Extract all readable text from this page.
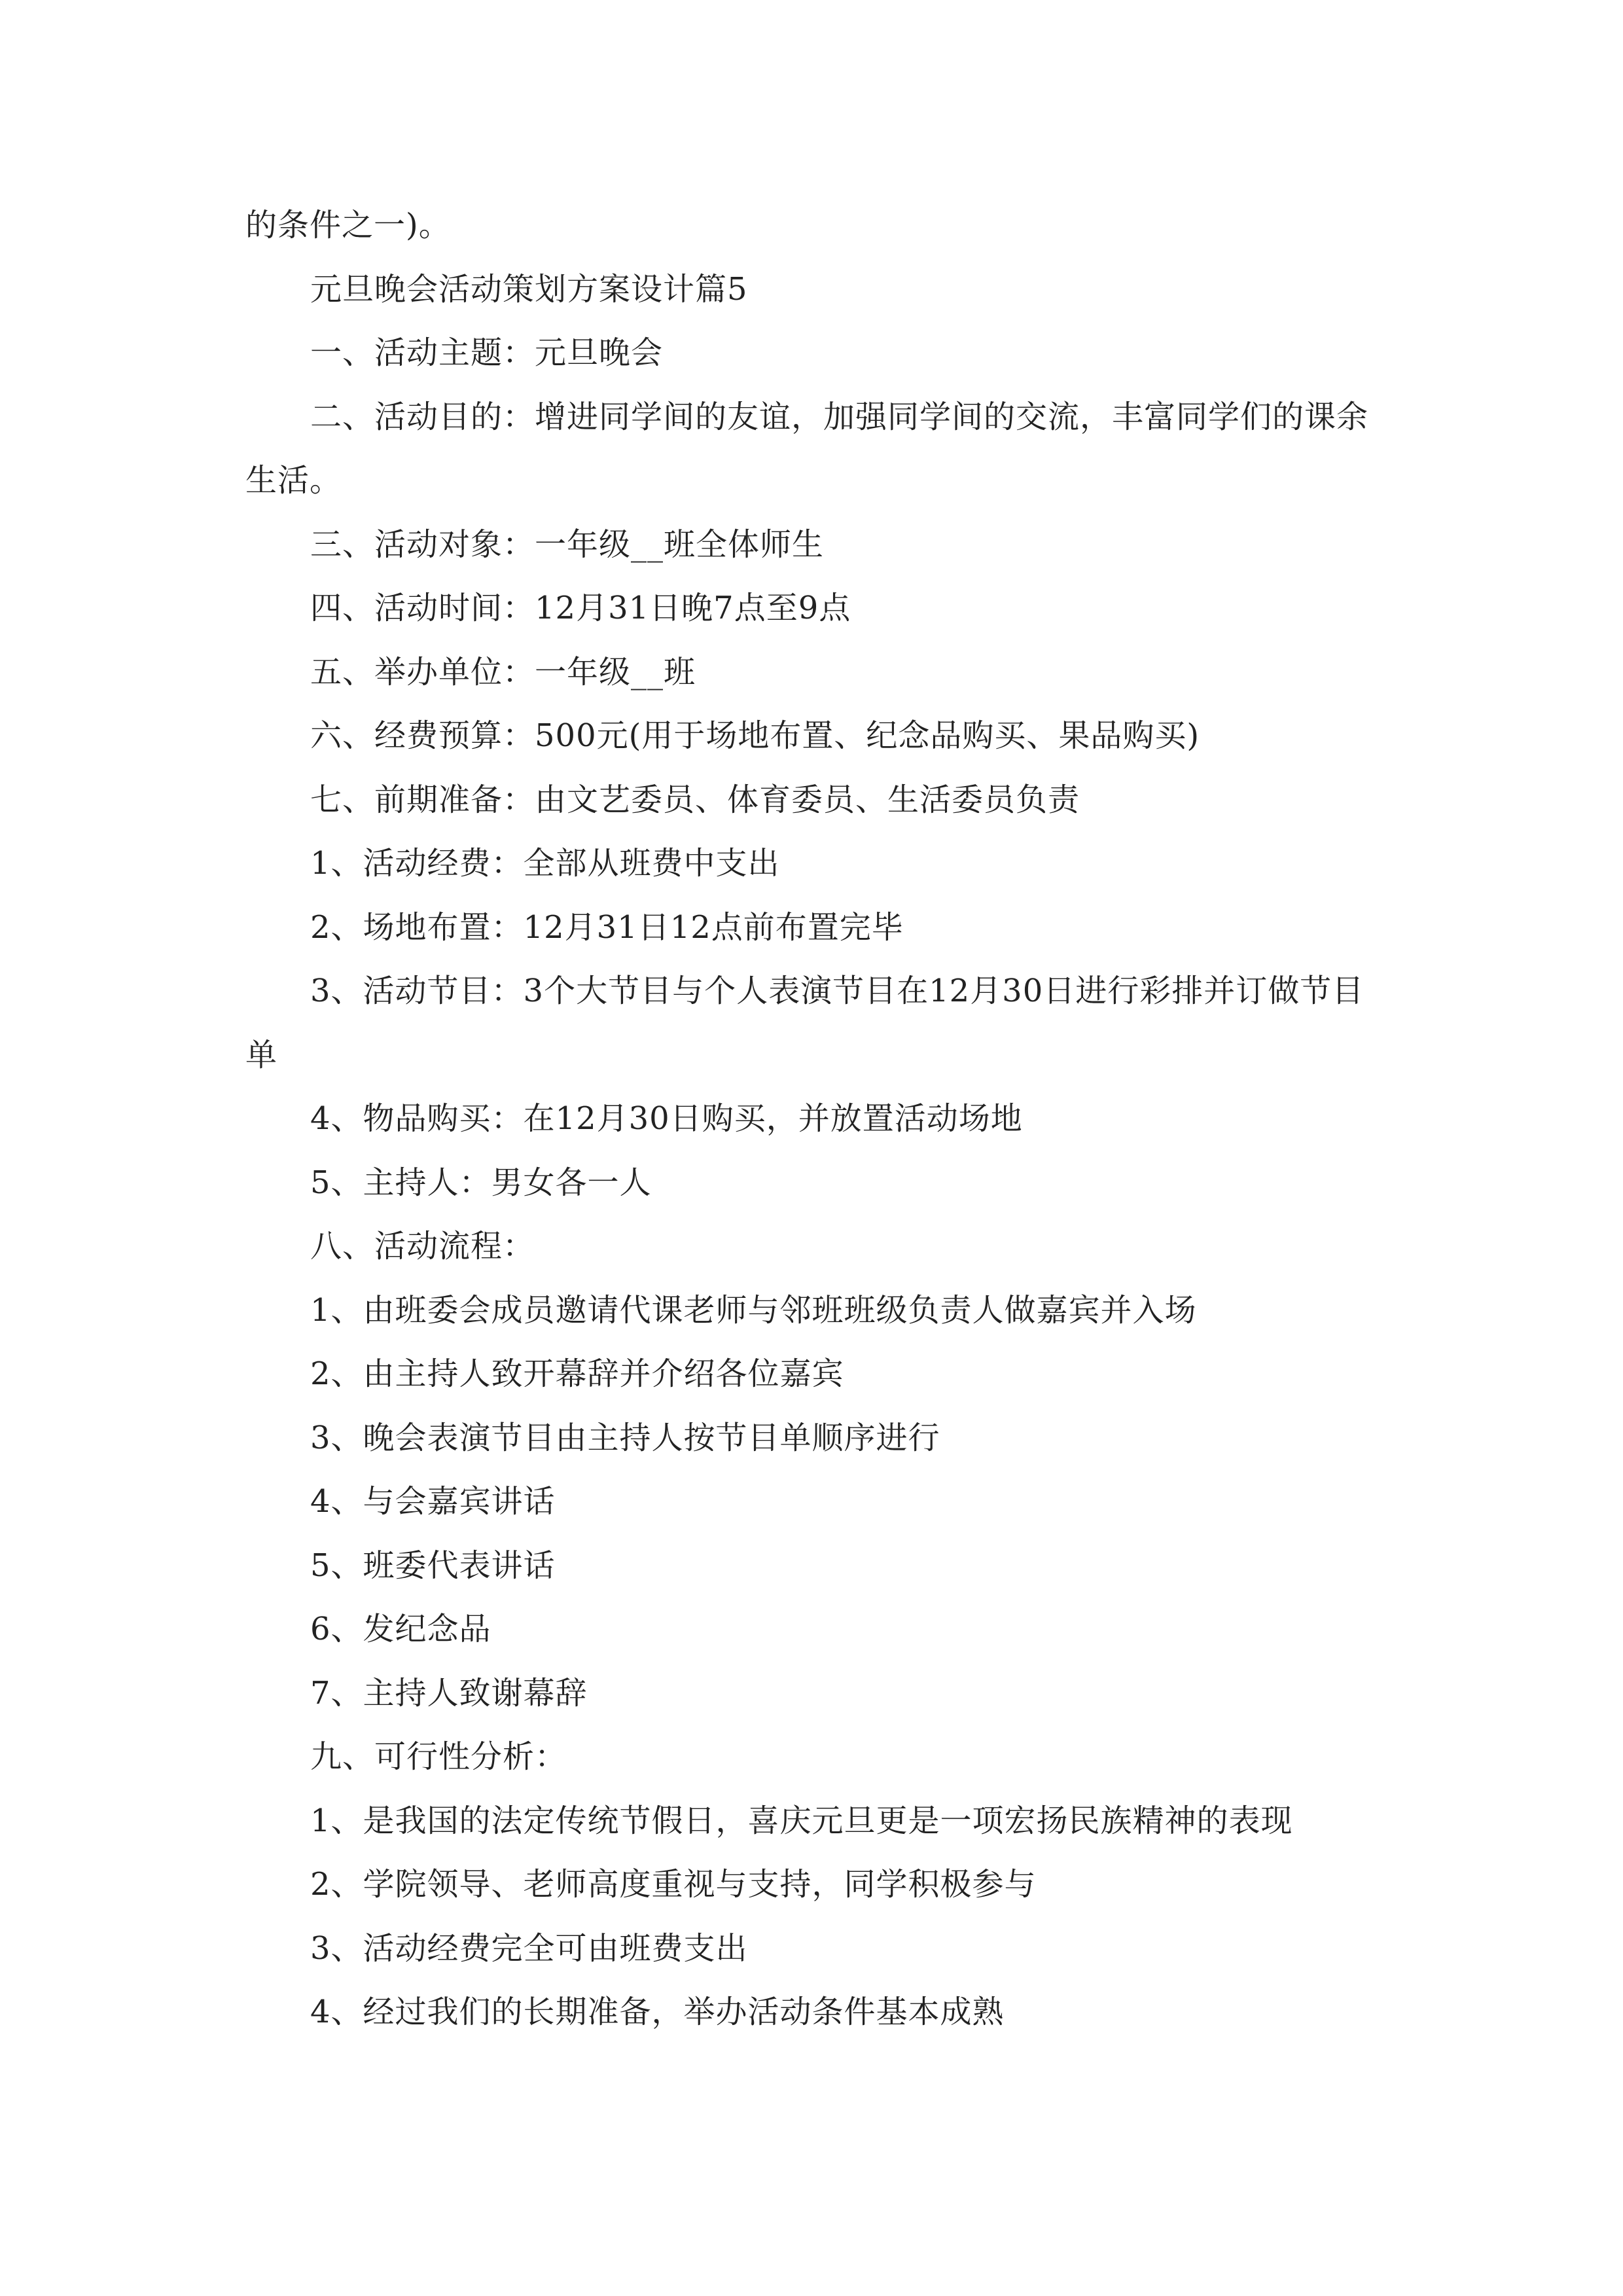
的条件之一)。

元旦晚会活动策划方案设计篇5

一、活动主题：元旦晚会

二、活动目的：增进同学间的友谊，加强同学间的交流，丰富同学们的课余生活。

三、活动对象：一年级__班全体师生

四、活动时间：12月31日晚7点至9点

五、举办单位：一年级__班

六、经费预算：500元(用于场地布置、纪念品购买、果品购买)

七、前期准备：由文艺委员、体育委员、生活委员负责

1、活动经费：全部从班费中支出

2、场地布置：12月31日12点前布置完毕

3、活动节目：3个大节目与个人表演节目在12月30日进行彩排并订做节目单

4、物品购买：在12月30日购买，并放置活动场地

5、主持人：男女各一人

八、活动流程：

1、由班委会成员邀请代课老师与邻班班级负责人做嘉宾并入场

2、由主持人致开幕辞并介绍各位嘉宾

3、晚会表演节目由主持人按节目单顺序进行

4、与会嘉宾讲话

5、班委代表讲话

6、发纪念品

7、主持人致谢幕辞

九、可行性分析：

1、是我国的法定传统节假日，喜庆元旦更是一项宏扬民族精神的表现

2、学院领导、老师高度重视与支持，同学积极参与

3、活动经费完全可由班费支出

4、经过我们的长期准备，举办活动条件基本成熟
